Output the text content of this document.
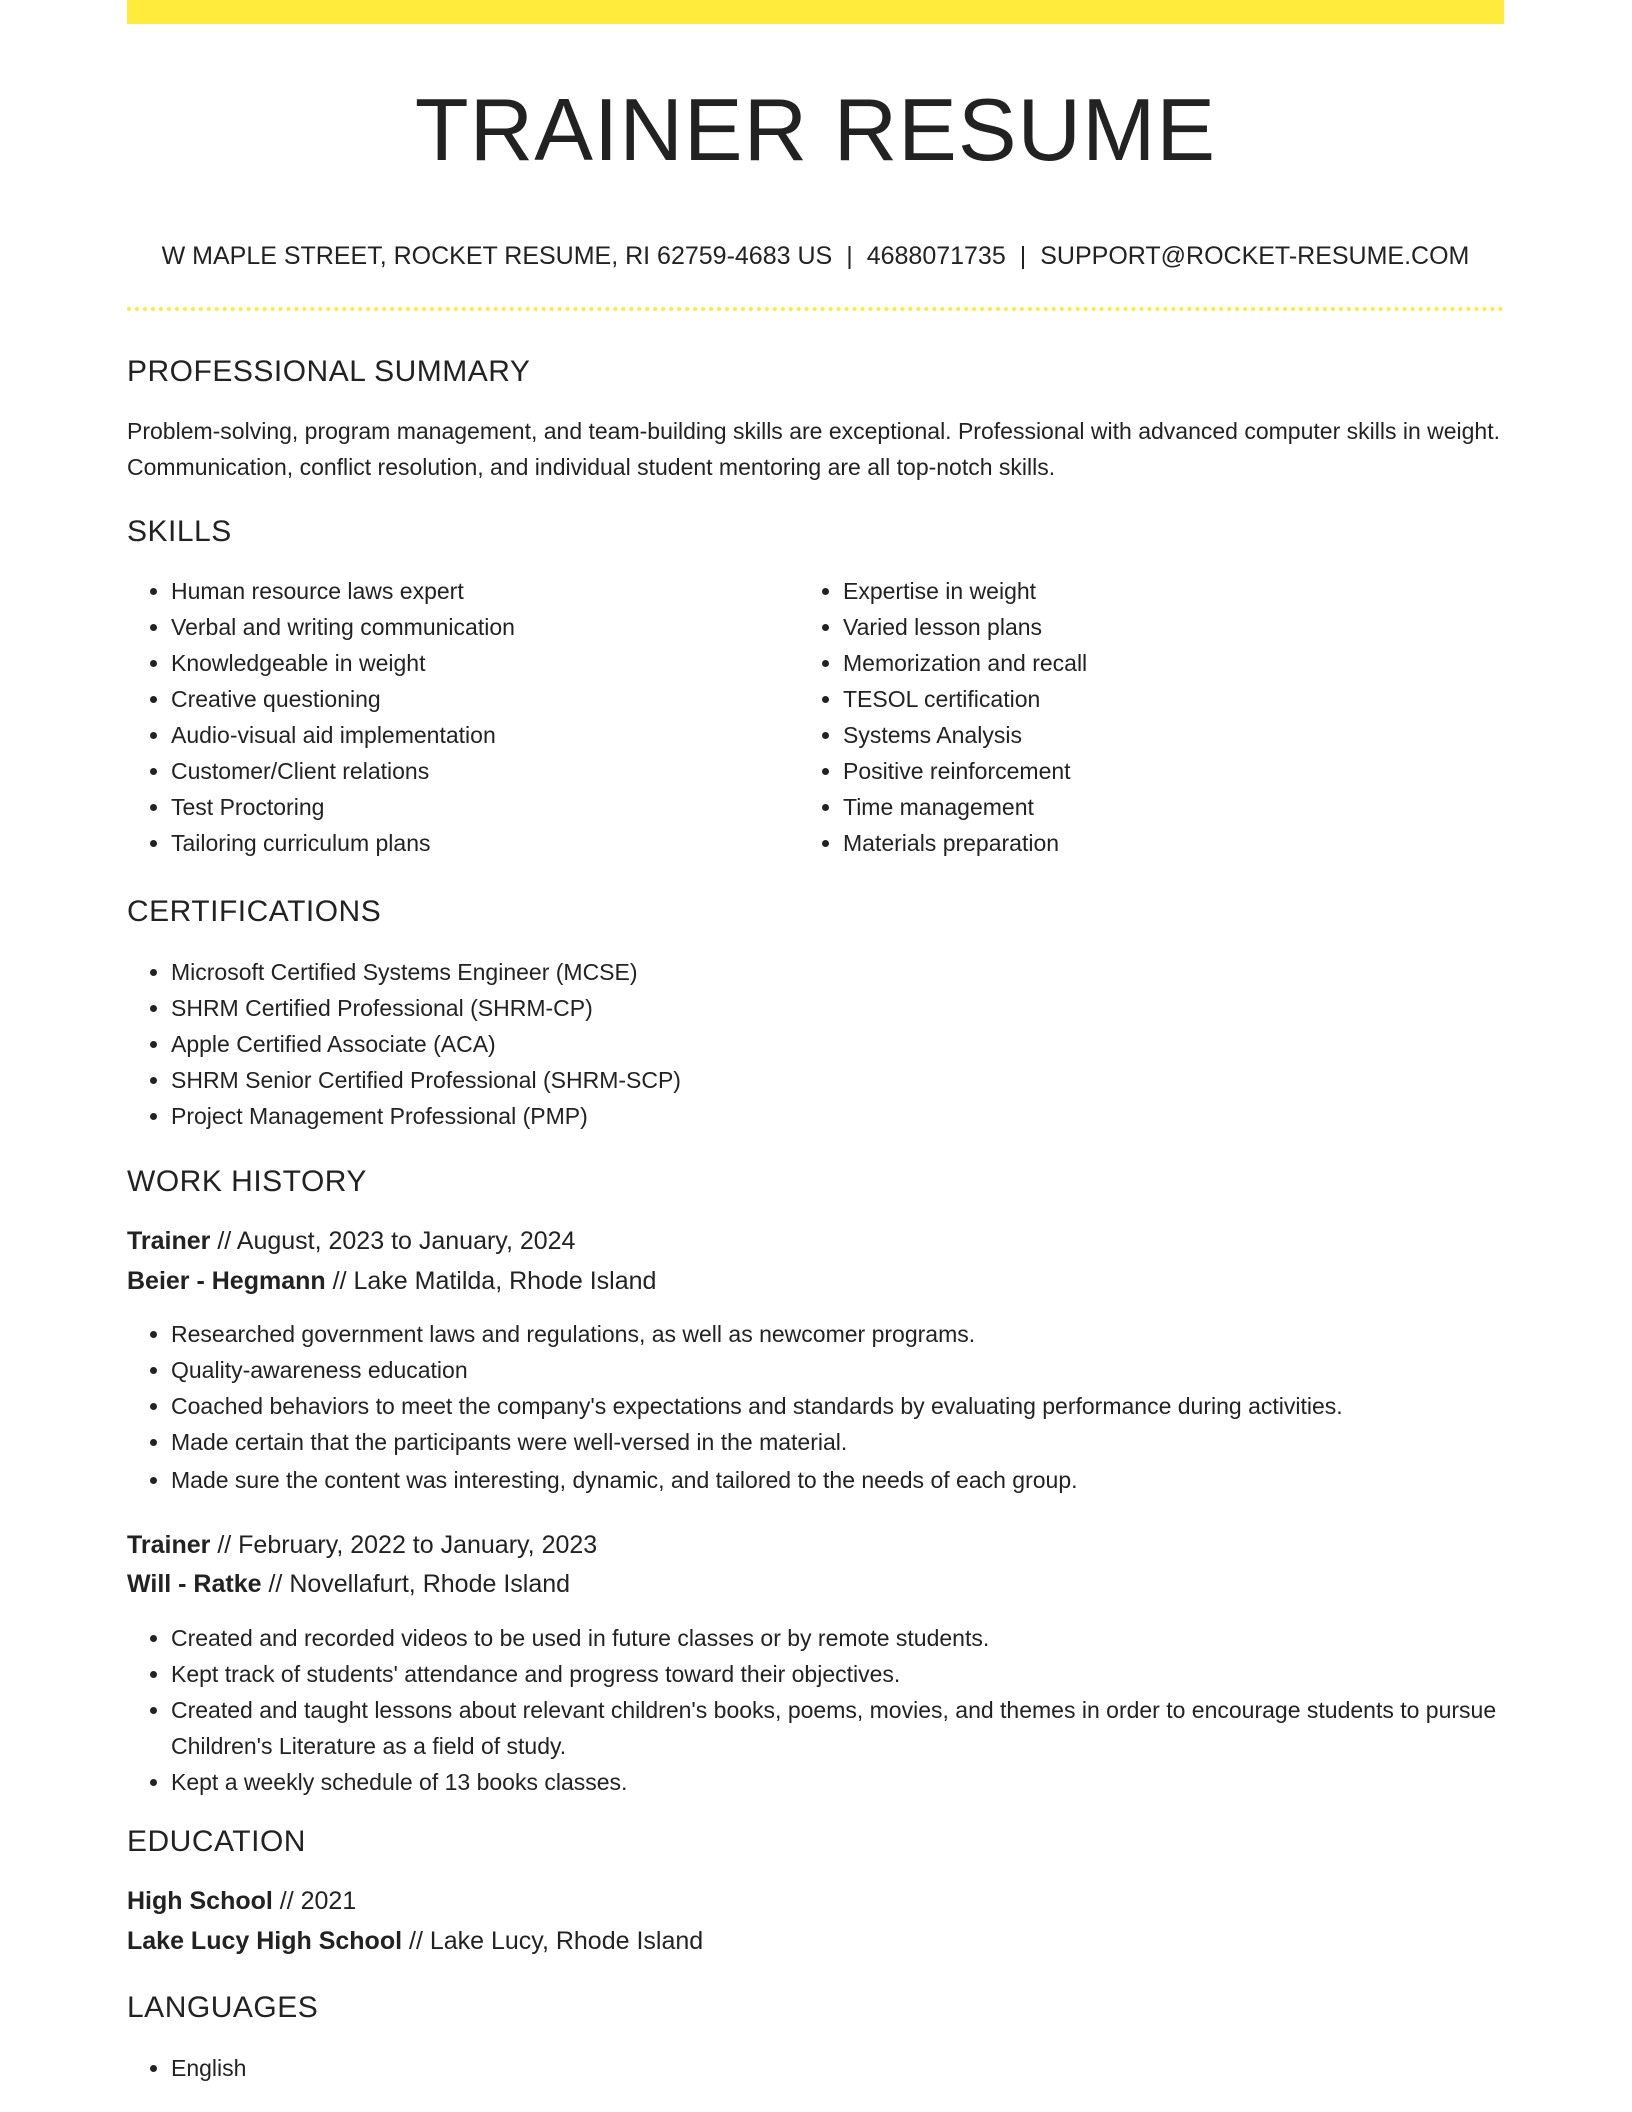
TRAINER RESUME
W MAPLE STREET, ROCKET RESUME, RI 62759-4683 US | 4688071735 | SUPPORT@ROCKET-RESUME.COM
PROFESSIONAL SUMMARY
Problem-solving, program management, and team-building skills are exceptional. Professional with advanced computer skills in weight. Communication, conflict resolution, and individual student mentoring are all top-notch skills.
SKILLS
• Human resource laws expert
• Verbal and writing communication
• Knowledgeable in weight
• Creative questioning
• Audio-visual aid implementation
• Customer/Client relations
• Test Proctoring
• Tailoring curriculum plans
• Expertise in weight
• Varied lesson plans
• Memorization and recall
• TESOL certification
• Systems Analysis
• Positive reinforcement
• Time management
• Materials preparation
CERTIFICATIONS
• Microsoft Certified Systems Engineer (MCSE)
• SHRM Certified Professional (SHRM-CP)
• Apple Certified Associate (ACA)
• SHRM Senior Certified Professional (SHRM-SCP)
• Project Management Professional (PMP)
WORK HISTORY
Trainer // August, 2023 to January, 2024
Beier - Hegmann // Lake Matilda, Rhode Island
• Researched government laws and regulations, as well as newcomer programs.
• Quality-awareness education
• Coached behaviors to meet the company's expectations and standards by evaluating performance during activities.
• Made certain that the participants were well-versed in the material.
• Made sure the content was interesting, dynamic, and tailored to the needs of each group.
Trainer // February, 2022 to January, 2023
Will - Ratke // Novellafurt, Rhode Island
• Created and recorded videos to be used in future classes or by remote students.
• Kept track of students' attendance and progress toward their objectives.
• Created and taught lessons about relevant children's books, poems, movies, and themes in order to encourage students to pursue Children's Literature as a field of study.
• Kept a weekly schedule of 13 books classes.
EDUCATION
High School // 2021
Lake Lucy High School // Lake Lucy, Rhode Island
LANGUAGES
• English
